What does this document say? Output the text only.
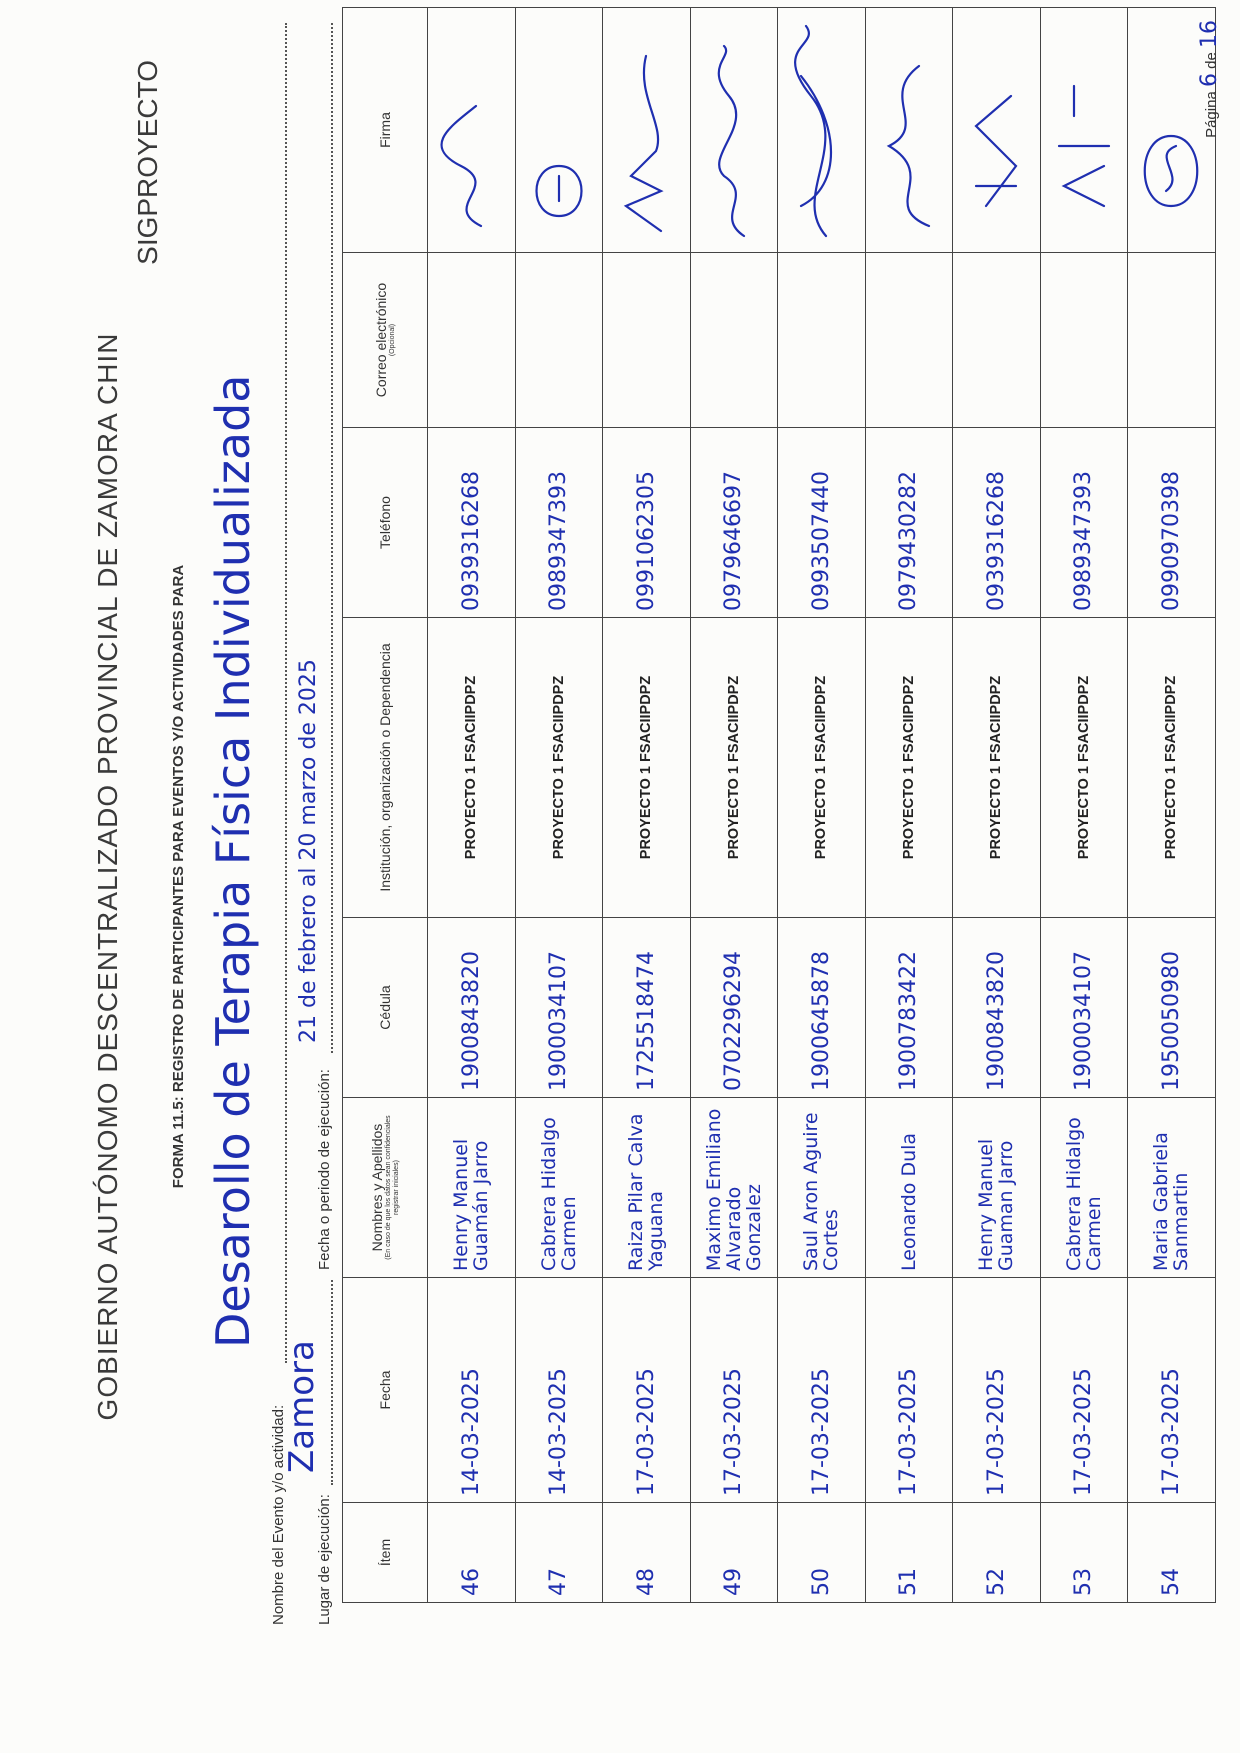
GOBIERNO AUTÓNOMO DESCENTRALIZADO PROVINCIAL DE ZAMORA CHIN
SIGPROYECTO
FORMA 11.5: REGISTRO DE PARTICIPANTES PARA EVENTOS Y/O ACTIVIDADES PARA
Nombre del Evento y/o actividad:
Desarollo de Terapia Física Individualizada
Lugar de ejecución:
Zamora
Fecha o periodo de ejecución:
21 de febrero al 20 marzo de 2025
Ítem	Fecha	Nombres y Apellidos (En caso de que los datos sean confidenciales registrar iniciales)	Cédula	Institución, organización o Dependencia	Teléfono	Correo electrónico (Opcional)	Firma
46	14-03-2025	Henry Manuel Guamán Jarro	1900843820	PROYECTO 1 FSACIIPDPZ	0939316268		

47	14-03-2025	Cabrera Hidalgo Carmen	1900034107	PROYECTO 1 FSACIIPDPZ	0989347393		

48	17-03-2025	Raiza Pilar Calva Yaguana	1725518474	PROYECTO 1 FSACIIPDPZ	0991062305		

49	17-03-2025	Maximo Emiliano Alvarado Gonzalez	0702296294	PROYECTO 1 FSACIIPDPZ	0979646697		

50	17-03-2025	Saul Aron Aguire Cortes	1900645878	PROYECTO 1 FSACIIPDPZ	0993507440		

51	17-03-2025	Leonardo Dula	1900783422	PROYECTO 1 FSACIIPDPZ	0979430282		

52	17-03-2025	Henry Manuel Guaman Jarro	1900843820	PROYECTO 1 FSACIIPDPZ	0939316268		

53	17-03-2025	Cabrera Hidalgo Carmen	1900034107	PROYECTO 1 FSACIIPDPZ	0989347393		

54	17-03-2025	Maria Gabriela Sanmartin	1950050980	PROYECTO 1 FSACIIPDPZ	0990970398		
Página 6 de 16
